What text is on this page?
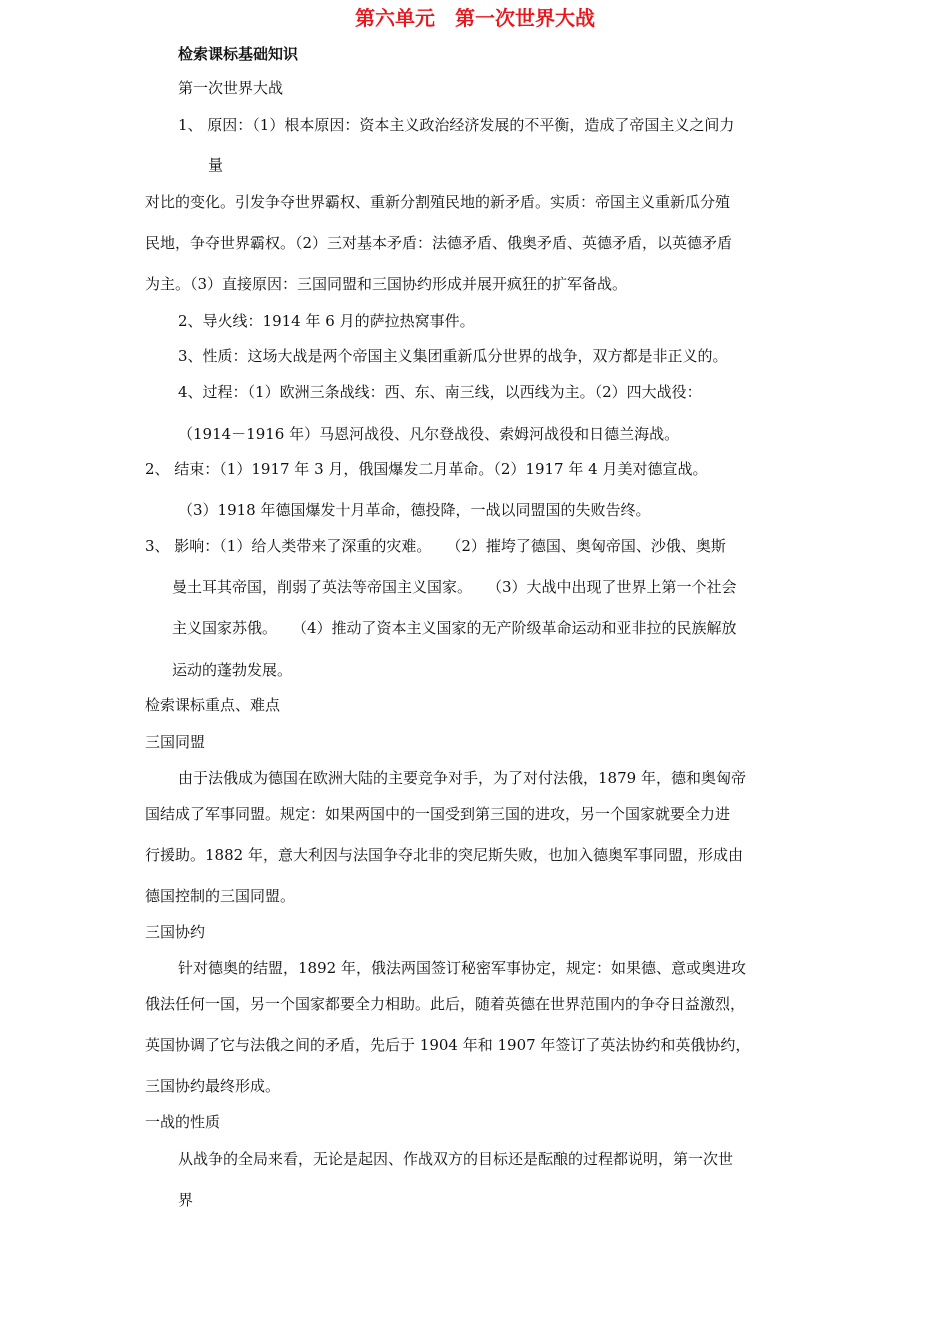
第六单元　第一次世界大战
检索课标基础知识
第一次世界大战
1、 原因：（1）根本原因：资本主义政治经济发展的不平衡，造成了帝国主义之间力
量
对比的变化。引发争夺世界霸权、重新分割殖民地的新矛盾。实质：帝国主义重新瓜分殖
民地，争夺世界霸权。（2）三对基本矛盾：法德矛盾、俄奥矛盾、英德矛盾，以英德矛盾
为主。（3）直接原因：三国同盟和三国协约形成并展开疯狂的扩军备战。
2、导火线：1914 年 6 月的萨拉热窝事件。
3、性质：这场大战是两个帝国主义集团重新瓜分世界的战争，双方都是非正义的。
4、过程：（1）欧洲三条战线：西、东、南三线，以西线为主。（2）四大战役：
（1914－1916 年）马恩河战役、凡尔登战役、索姆河战役和日德兰海战。
2、 结束：（1）1917 年 3 月，俄国爆发二月革命。（2）1917 年 4 月美对德宣战。
（3）1918 年德国爆发十月革命，德投降，一战以同盟国的失败告终。
3、 影响：（1）给人类带来了深重的灾难。　　（2）摧垮了德国、奥匈帝国、沙俄、奥斯
曼土耳其帝国，削弱了英法等帝国主义国家。　　（3）大战中出现了世界上第一个社会
主义国家苏俄。　　（4）推动了资本主义国家的无产阶级革命运动和亚非拉的民族解放
运动的蓬勃发展。
检索课标重点、难点
三国同盟
由于法俄成为德国在欧洲大陆的主要竞争对手，为了对付法俄，1879 年，德和奥匈帝
国结成了军事同盟。规定：如果两国中的一国受到第三国的进攻，另一个国家就要全力进
行援助。1882 年，意大利因与法国争夺北非的突尼斯失败，也加入德奥军事同盟，形成由
德国控制的三国同盟。
三国协约
针对德奥的结盟，1892 年，俄法两国签订秘密军事协定，规定：如果德、意或奥进攻
俄法任何一国，另一个国家都要全力相助。此后，随着英德在世界范围内的争夺日益激烈，
英国协调了它与法俄之间的矛盾，先后于 1904 年和 1907 年签订了英法协约和英俄协约，
三国协约最终形成。
一战的性质
从战争的全局来看，无论是起因、作战双方的目标还是酝酿的过程都说明，第一次世
界
